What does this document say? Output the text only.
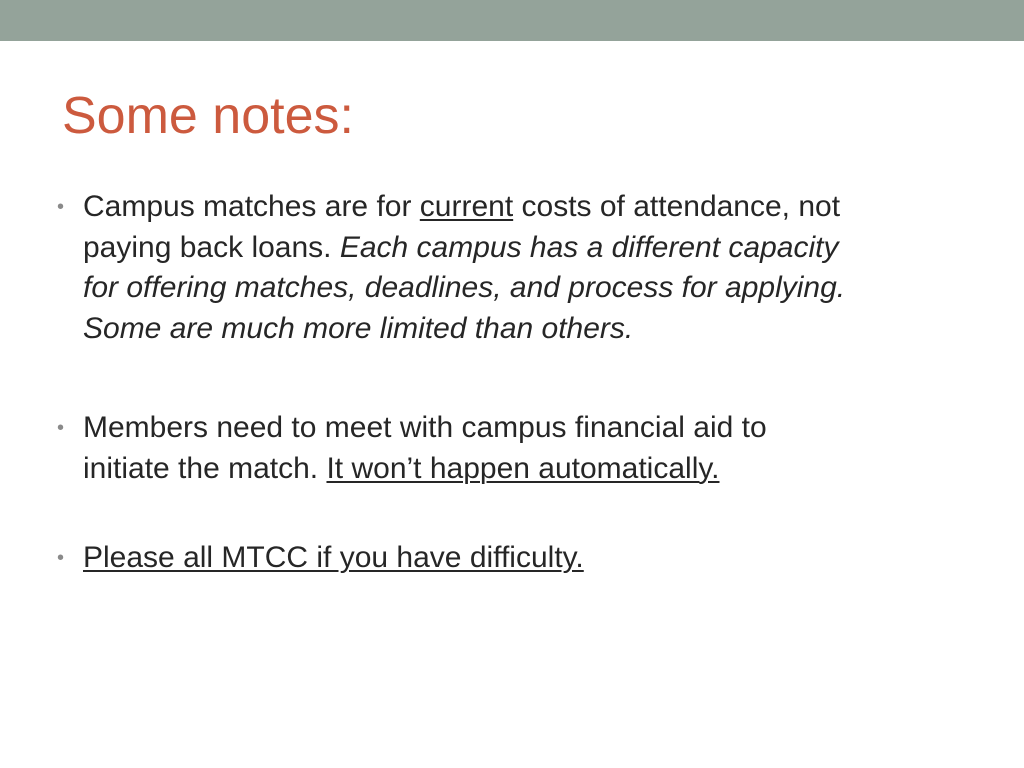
Some notes:
• Campus matches are for current costs of attendance, not
paying back loans. Each campus has a different capacity
for offering matches, deadlines, and process for applying.
Some are much more limited than others.
• Members need to meet with campus financial aid to
initiate the match. It won’t happen automatically.
• Please all MTCC if you have difficulty.
